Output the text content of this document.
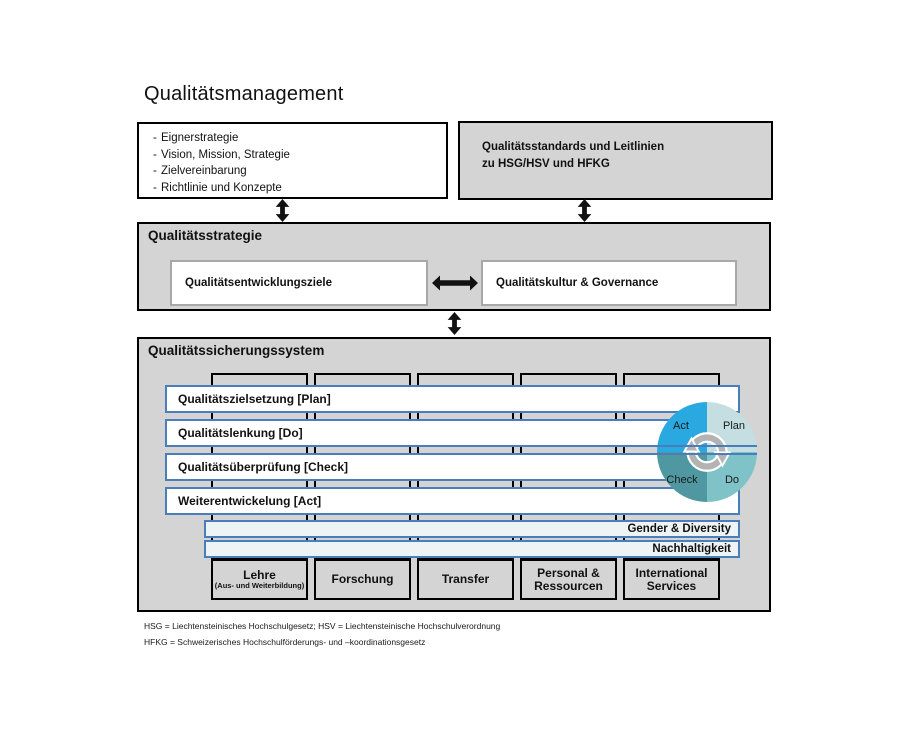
Qualitätsmanagement
- Eignerstrategie
- Vision, Mission, Strategie
- Zielvereinbarung
- Richtlinie und Konzepte
Qualitätsstandards und Leitlinien
zu HSG/HSV und HFKG
Qualitätsstrategie
Qualitätsentwicklungsziele	Qualitätskultur & Governance
Qualitätssicherungssystem
Qualitätszielsetzung [Plan]
Qualitätslenkung [Do]
Qualitätsüberprüfung [Check]
Weiterentwickelung [Act]
Gender & Diversity
Nachhaltigkeit
Lehre
(Aus- und Weiterbildung) Forschung	Transfer	Personal & Ressourcen
International Services
Act	Plan
Check Do
HSG = Liechtensteinisches Hochschulgesetz; HSV = Liechtensteinische Hochschulverordnung
HFKG = Schweizerisches Hochschulförderungs- und –koordinationsgesetz
